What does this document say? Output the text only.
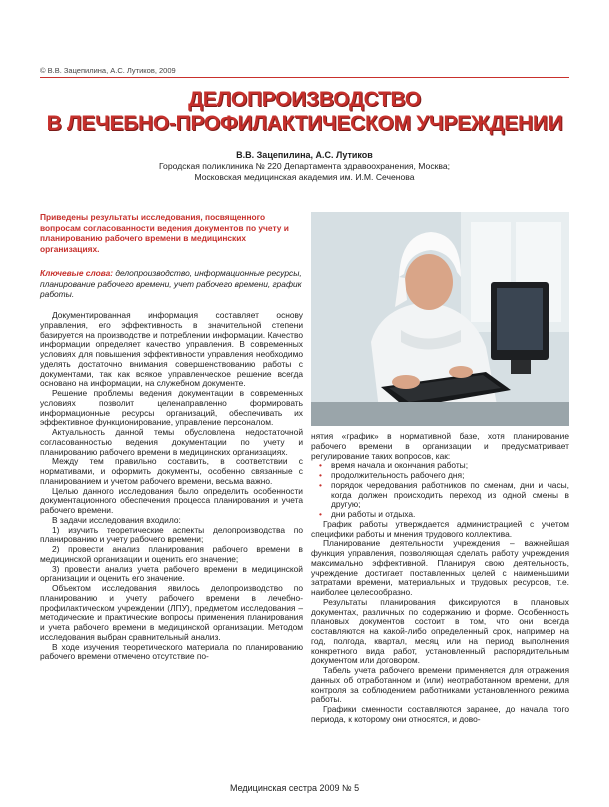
© В.В. Зацепилина, А.С. Лутиков, 2009
ДЕЛОПРОИЗВОДСТВО
В ЛЕЧЕБНО-ПРОФИЛАКТИЧЕСКОМ УЧРЕЖДЕНИИ
В.В. Зацепилина, А.С. Лутиков
Городская поликлиника № 220 Департамента здравоохранения, Москва;
Московская медицинская академия им. И.М. Сеченова
Приведены результаты исследования, посвященного вопросам согласованности ведения документов по учету и планированию рабочего времени в медицинских организациях.
Ключевые слова: делопроизводство, информационные ресурсы, планирование рабочего времени, учет рабочего времени, график работы.

Документированная информация составляет основу управления, его эффективность в значительной степени базируется на производстве и потреблении информации. Качество информации определяет качество управления. В современных условиях для повышения эффективности управления необходимо уделять достаточно внимания совершенствованию работы с документами, так как всякое управленческое решение всегда основано на информации, на служебном документе.

Решение проблемы ведения документации в современных условиях позволит целенаправленно формировать информационные ресурсы организаций, обеспечивать их эффективное функционирование, управление персоналом.

Актуальность данной темы обусловлена недостаточной согласованностью ведения документации по учету и планированию рабочего времени в медицинских организациях.

Между тем правильно составить, в соответствии с нормативами, и оформить документы, особенно связанные с планированием и учетом рабочего времени, весьма важно.

Целью данного исследования было определить особенности документационного обеспечения процесса планирования и учета рабочего времени.

В задачи исследования входило:

1) изучить теоретические аспекты делопроизводства по планированию и учету рабочего времени;

2) провести анализ планирования рабочего времени в медицинской организации и оценить его значение;

3) провести анализ учета рабочего времени в медицинской организации и оценить его значение.

Объектом исследования явилось делопроизводство по планированию и учету рабочего времени в лечебно-профилактическом учреждении (ЛПУ), предметом исследования – методические и практические вопросы применения планирования и учета рабочего времени в медицинской организации. Методом исследования выбран сравнительный анализ.

В ходе изучения теоретического материала по планированию рабочего времени отмечено отсутствие по-

нятия «график» в нормативной базе, хотя планирование рабочего времени в организации и предусматривает регулирование таких вопросов, как:

• время начала и окончания работы;
• продолжительность рабочего дня;
• порядок чередования работников по сменам, дни и часы, когда должен происходить переход из одной смены в другую;
• дни работы и отдыха.

График работы утверждается администрацией с учетом специфики работы и мнения трудового коллектива.

Планирование деятельности учреждения – важнейшая функция управления, позволяющая сделать работу учреждения максимально эффективной. Планируя свою деятельность, учреждение достигает поставленных целей с наименьшими затратами времени, материальных и трудовых ресурсов, т.е. наиболее целесообразно.

Результаты планирования фиксируются в плановых документах, различных по содержанию и форме. Особенность плановых документов состоит в том, что они всегда составляются на какой-либо определенный срок, например на год, полгода, квартал, месяц или на период выполнения конкретного вида работ, установленный распорядительным документом или договором.

Табель учета рабочего времени применяется для отражения данных об отработанном и (или) неотработанном времени, для контроля за соблюдением работниками установленного режима работы.

Графики сменности составляются заранее, до начала того периода, к которому они относятся, и дово-

Медицинская сестра 2009 № 5
